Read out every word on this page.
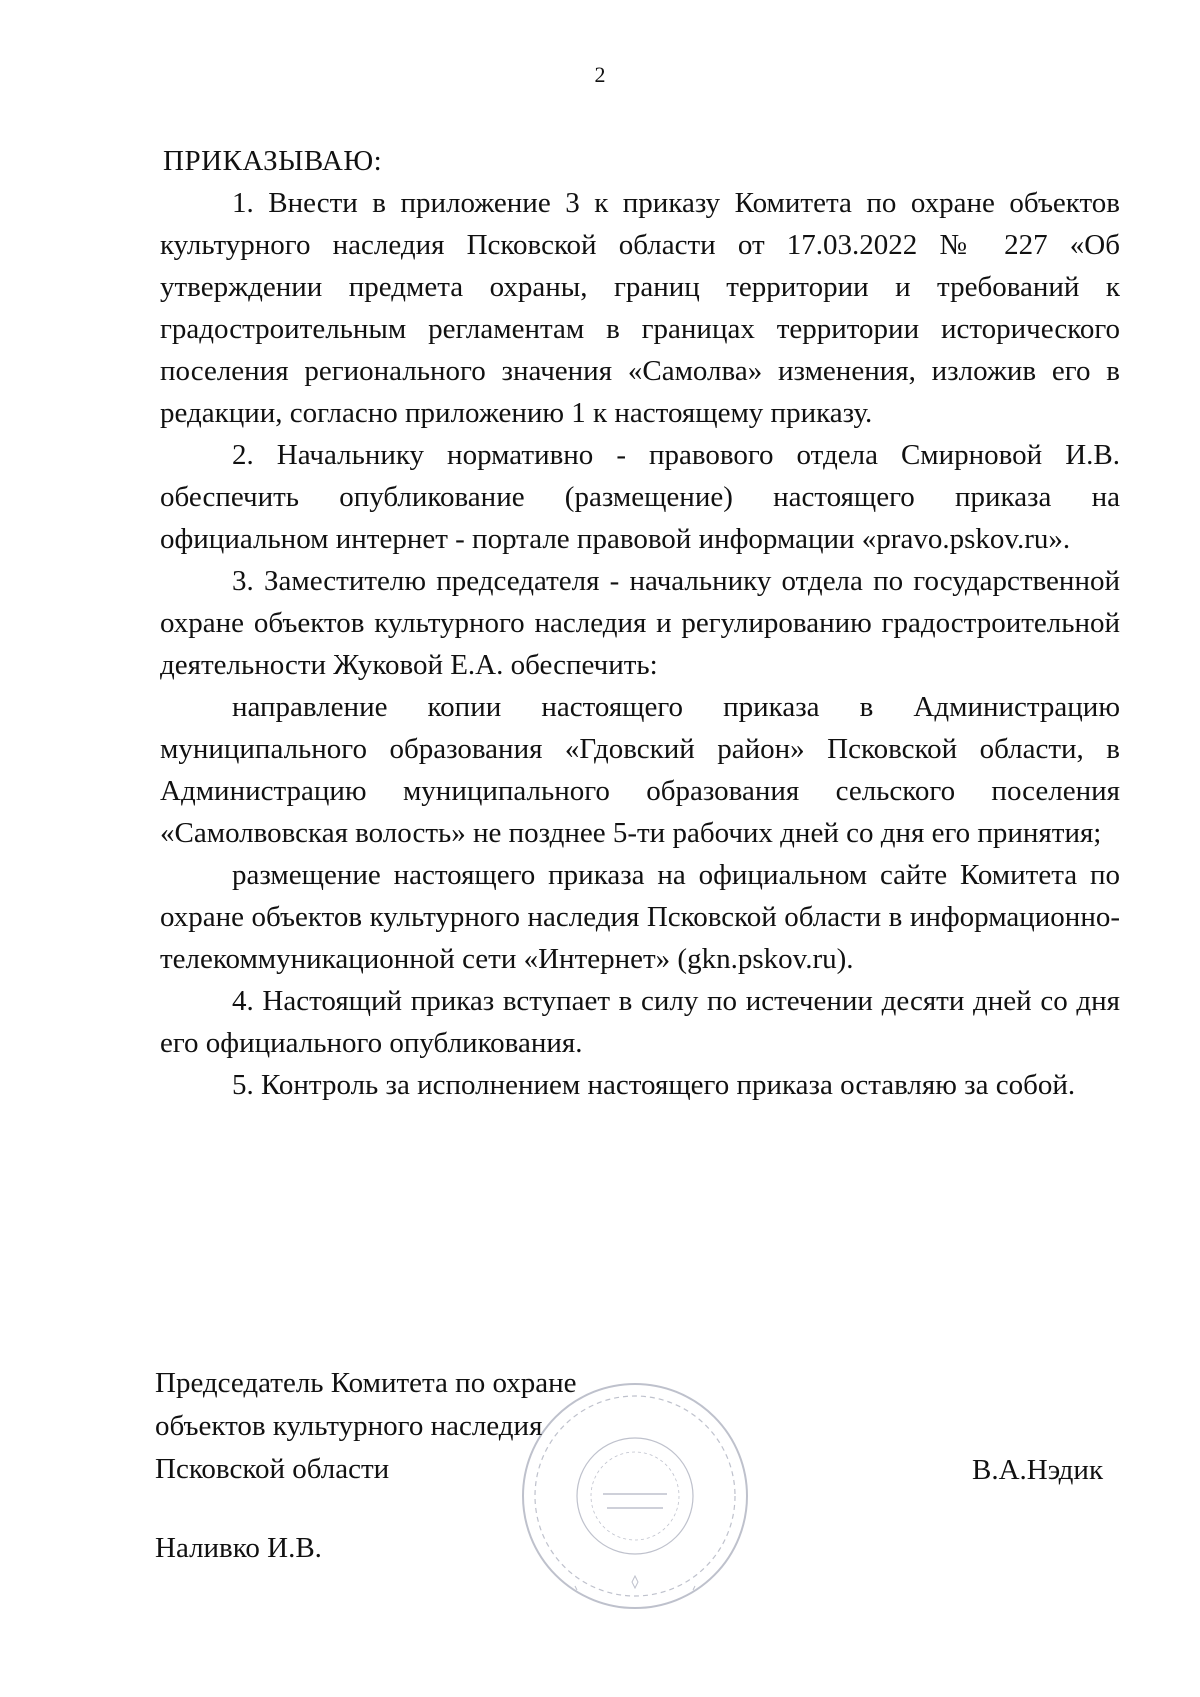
2

ПРИКАЗЫВАЮ:

1. Внести в приложение 3 к приказу Комитета по охране объектов культурного наследия Псковской области от 17.03.2022 № 227 «Об утверждении предмета охраны, границ территории и требований к градостроительным регламентам в границах территории исторического поселения регионального значения «Самолва» изменения, изложив его в редакции, согласно приложению 1 к настоящему приказу.

2. Начальнику нормативно - правового отдела Смирновой И.В. обеспечить опубликование (размещение) настоящего приказа на официальном интернет - портале правовой информации «pravo.pskov.ru».

3. Заместителю председателя - начальнику отдела по государственной охране объектов культурного наследия и регулированию градостроительной деятельности Жуковой Е.А. обеспечить:

направление копии настоящего приказа в Администрацию муниципального образования «Гдовский район» Псковской области, в Администрацию муниципального образования сельского поселения «Самолвовская волость» не позднее 5-ти рабочих дней со дня его принятия;

размещение настоящего приказа на официальном сайте Комитета по охране объектов культурного наследия Псковской области в информационно-телекоммуникационной сети «Интернет» (gkn.pskov.ru).

4. Настоящий приказ вступает в силу по истечении десяти дней со дня его официального опубликования.

5. Контроль за исполнением настоящего приказа оставляю за собой.

Председатель Комитета по охране
объектов культурного наследия
Псковской области	В.А.Нэдик
Наливко И.В.
